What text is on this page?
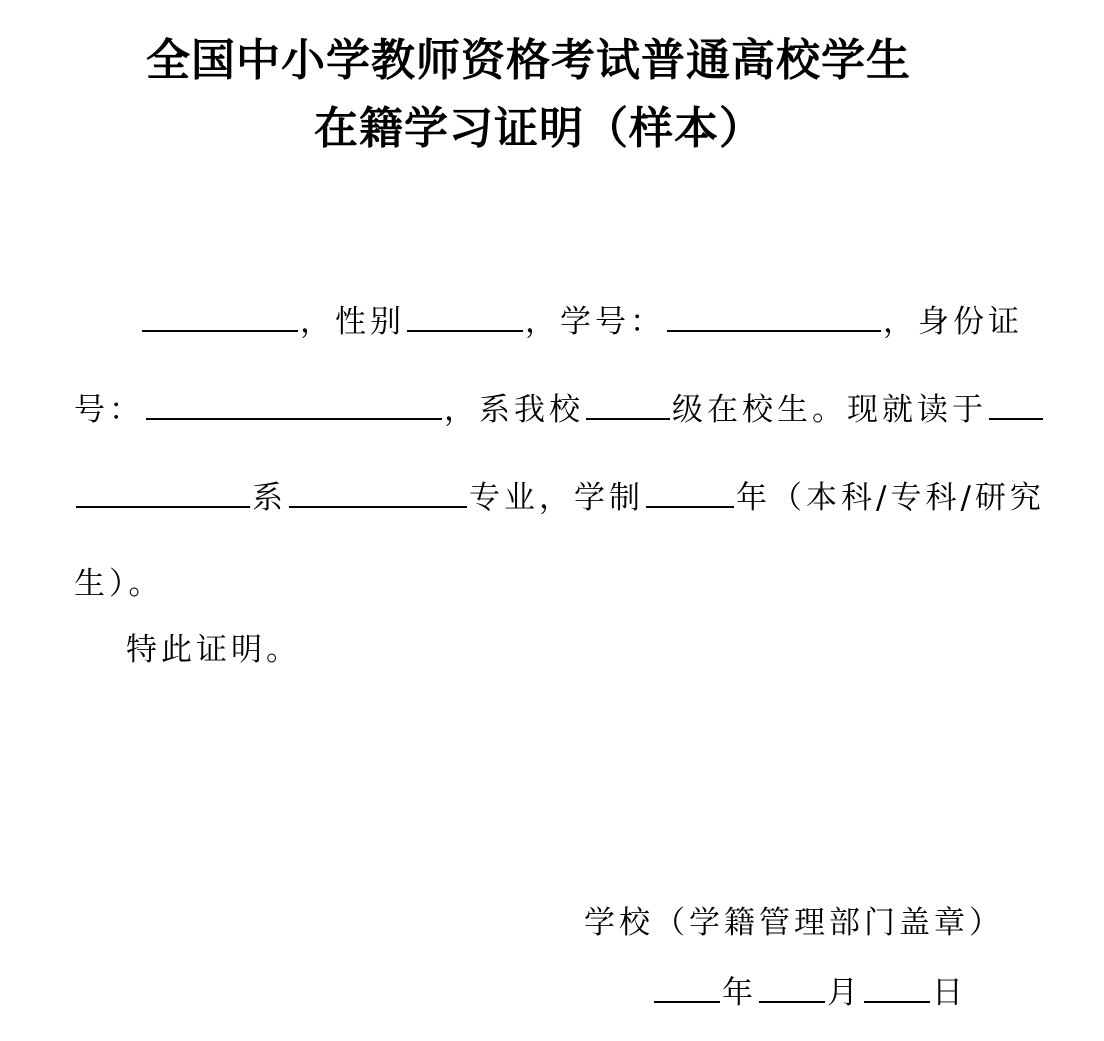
全国中小学教师资格考试普通高校学生
在籍学习证明（样本）
，性别	，学号：	，身份证
号：	，系我校	级在校生。现就读于
系	专业，学制	年（本科/专科/研究
生）。
特此证明。
学校（学籍管理部门盖章）
年 月 日
